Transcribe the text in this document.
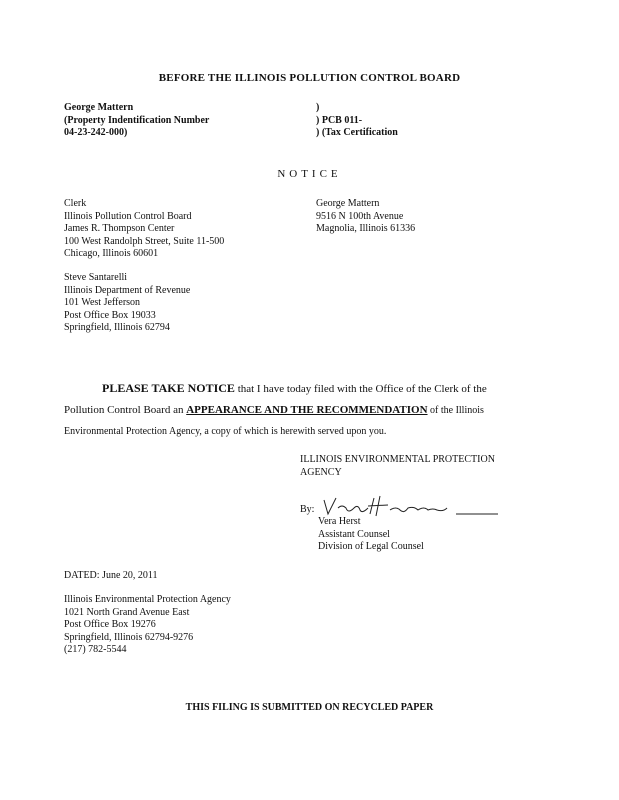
BEFORE THE ILLINOIS POLLUTION CONTROL BOARD
George Mattern
(Property Indentification Number
04-23-242-000)
)
) PCB 011-
) (Tax Certification
NOTICE
Clerk
Illinois Pollution Control Board
James R. Thompson Center
100 West Randolph Street, Suite 11-500
Chicago, Illinois 60601
George Mattern
9516 N 100th Avenue
Magnolia, Illinois 61336
Steve Santarelli
Illinois Department of Revenue
101 West Jefferson
Post Office Box 19033
Springfield, Illinois 62794
PLEASE TAKE NOTICE that I have today filed with the Office of the Clerk of the
Pollution Control Board an APPEARANCE AND THE RECOMMENDATION of the Illinois
Environmental Protection Agency, a copy of which is herewith served upon you.
ILLINOIS ENVIRONMENTAL PROTECTION
AGENCY
By:
Vera Herst
Assistant Counsel
Division of Legal Counsel
DATED: June 20, 2011
Illinois Environmental Protection Agency
1021 North Grand Avenue East
Post Office Box 19276
Springfield, Illinois 62794-9276
(217) 782-5544
THIS FILING IS SUBMITTED ON RECYCLED PAPER
